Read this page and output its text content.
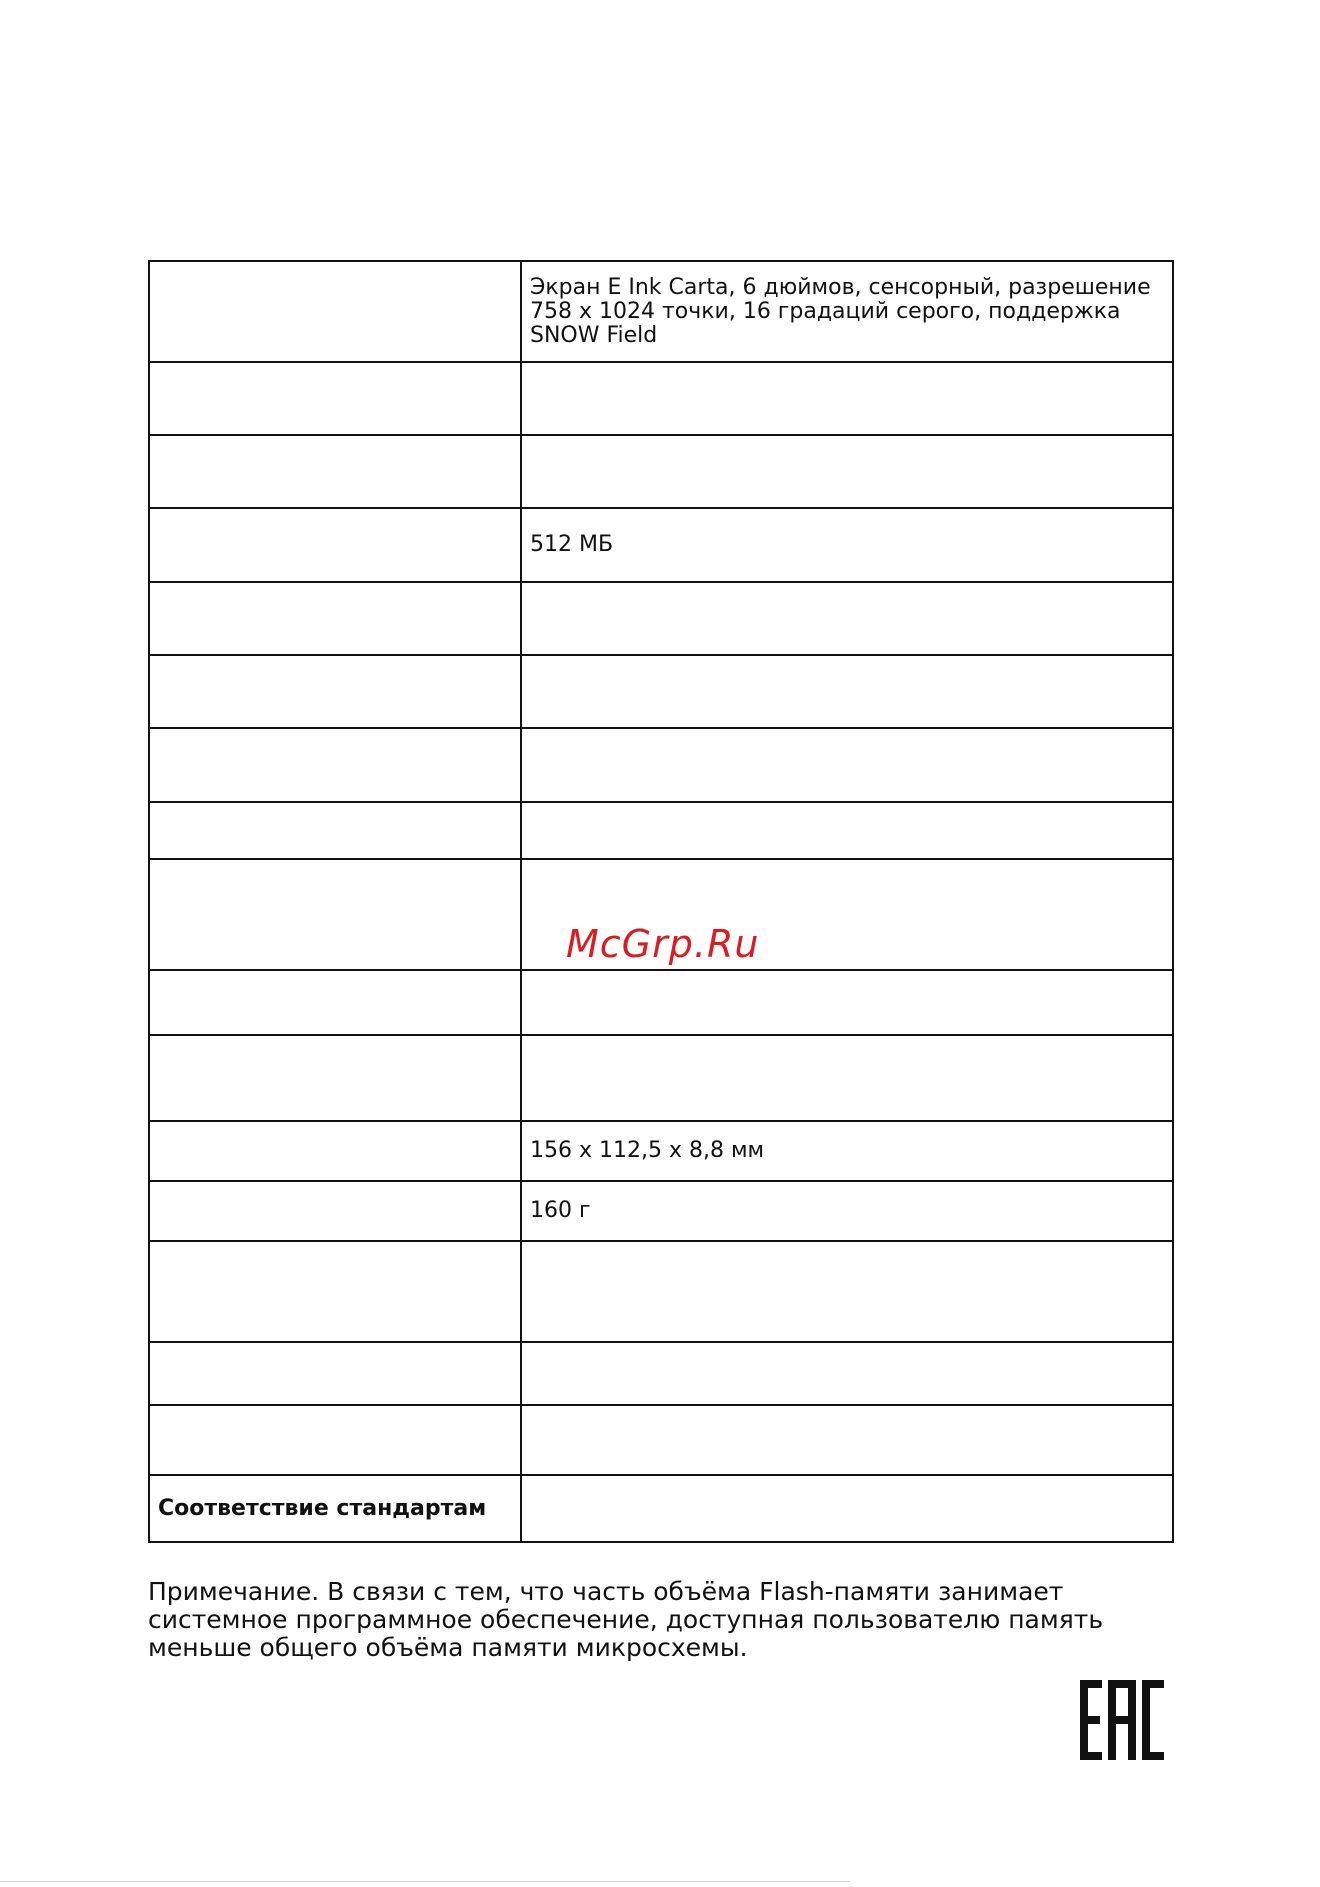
	Экран E Ink Carta, 6 дюймов, сенсорный, разрешение 758 х 1024 точки, 16 градаций серого, поддержка SNOW Field

	512 МБ

	156 х 112,5 х 8,8 мм
	160 г

Соответствие стандартам	
McGrp.Ru

Примечание. В связи с тем, что часть объёма Flash-памяти занимает системное программное обеспечение, доступная пользователю память меньше общего объёма памяти микросхемы.
